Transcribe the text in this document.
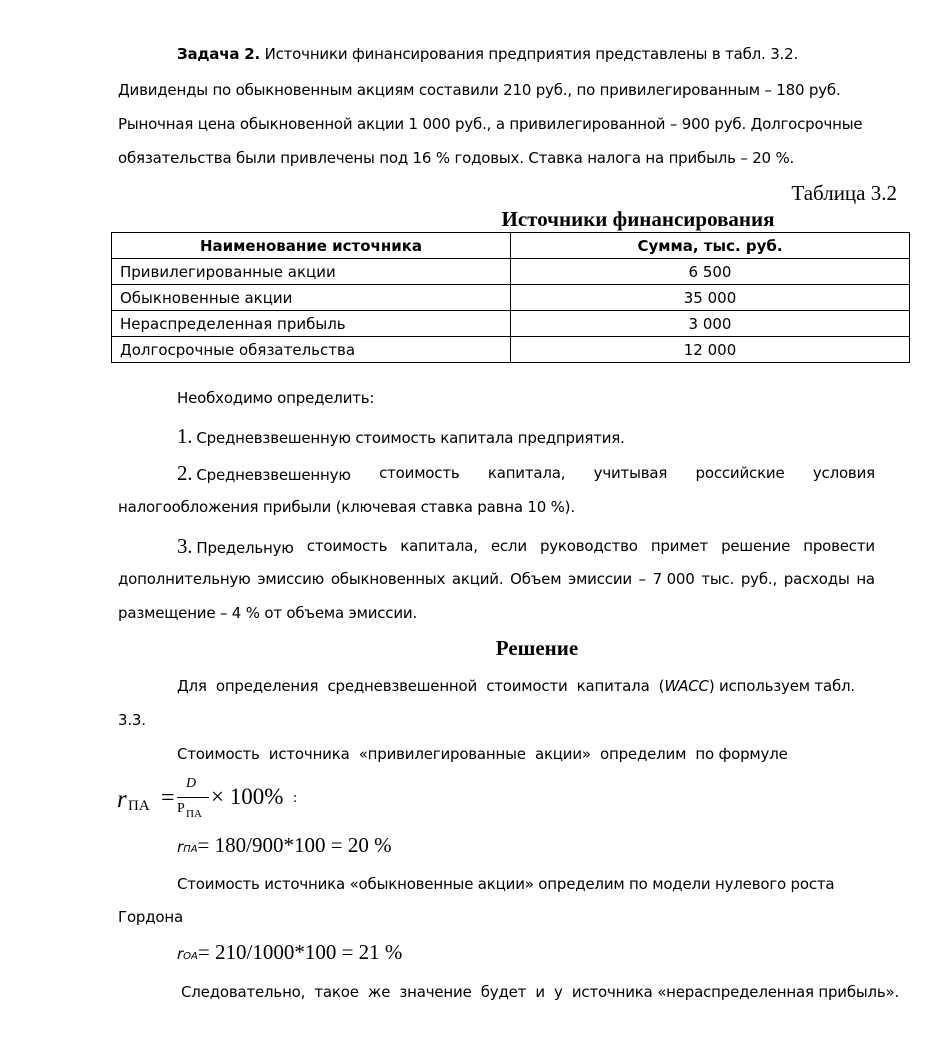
Задача 2. Источники финансирования предприятия представлены в табл. 3.2.
Дивиденды по обыкновенным акциям составили 210 руб., по привилегированным – 180 руб.
Рыночная цена обыкновенной акции 1 000 руб., а привилегированной – 900 руб. Долгосрочные
обязательства были привлечены под 16 % годовых. Ставка налога на прибыль – 20 %.
Таблица 3.2
Источники финансирования
Наименование источника	Сумма, тыс. руб.
Привилегированные акции	6 500
Обыкновенные акции	35 000
Нераспределенная прибыль	3 000
Долгосрочные обязательства	12 000
Необходимо определить:
1. Средневзвешенную стоимость капитала предприятия.
2. Средневзвешенную стоимость капитала, учитывая российские условия
налогообложения прибыли (ключевая ставка равна 10 %).
3. Предельную стоимость капитала, если руководство примет решение провести
дополнительную эмиссию обыкновенных акций. Объем эмиссии – 7 000 тыс. руб., расходы на
размещение – 4 % от объема эмиссии.
Решение
Для определения средневзвешенной стоимости капитала (WACC) используем табл.
3.3.
Стоимость  источника  «привилегированные  акции»  определим  по формуле
r ПА =
D
P ПА
× 100% :
rПА= 180/900*100 = 20 %
Стоимость источника «обыкновенные акции» определим по модели нулевого роста
Гордона
rОА= 210/1000*100 = 21 %
Следовательно,  такое  же  значение  будет  и  у  источника «нераспределенная прибыль».
